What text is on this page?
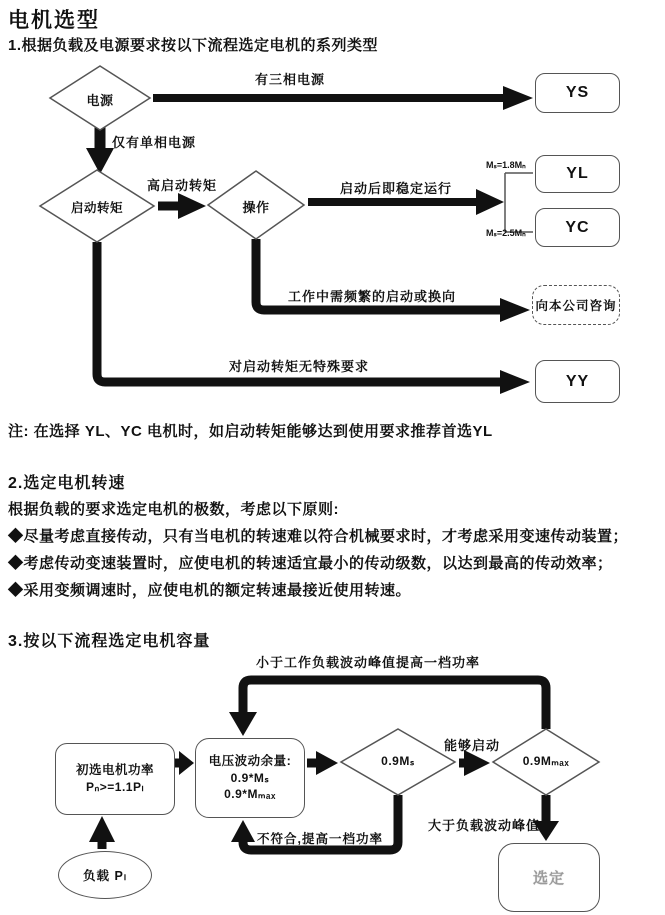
电机选型
1.根据负载及电源要求按以下流程选定电机的系列类型
电源
启动转矩	操作
YS
YL
YC
向本公司咨询
YY
有三相电源
仅有单相电源
高启动转矩	启动后即稳定运行
Mₛ=1.8Mₙ
Mₛ=2.5Mₙ
工作中需频繁的启动或换向
对启动转矩无特殊要求
注: 在选择 YL、YC 电机时，如启动转矩能够达到使用要求推荐首选YL
2.选定电机转速
根据负载的要求选定电机的极数，考虑以下原则:
◆尽量考虑直接传动，只有当电机的转速难以符合机械要求时，才考虑采用变速传动装置；
◆考虑传动变速装置时，应使电机的转速适宜最小的传动级数，以达到最高的传动效率；
◆采用变频调速时，应使电机的额定转速最接近使用转速。
3.按以下流程选定电机容量
初选电机功率
Pₙ>=1.1Pₗ
电压波动余量:
0.9*Mₛ
0.9*Mₘₐₓ
0.9Mₛ	0.9Mₘₐₓ
选定
负载 Pₗ
小于工作负载波动峰值提高一档功率
能够启动
不符合,提高一档功率
大于负载波动峰值
